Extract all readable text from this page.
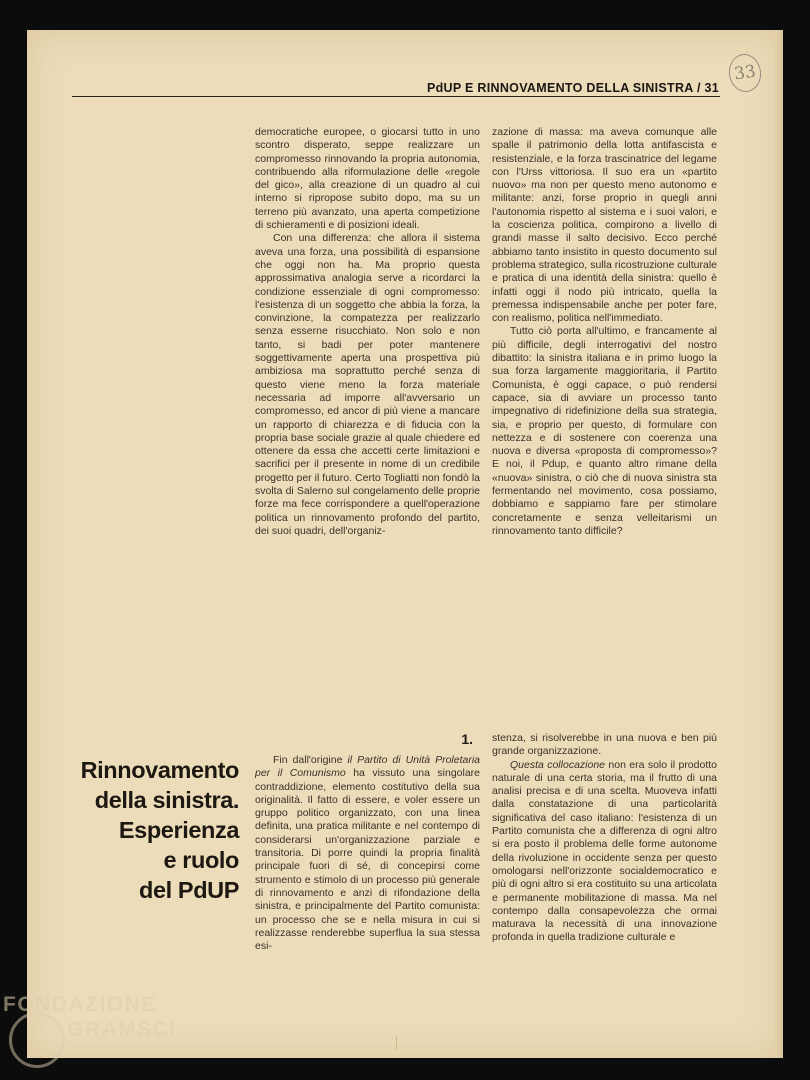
PdUP E RINNOVAMENTO DELLA SINISTRA / 31
33

democratiche europee, o giocarsi tutto in uno scontro disperato, seppe realizzare un compromesso rinnovando la propria autonomia, contribuendo alla riformulazione delle «regole del gico», alla creazione di un quadro al cui interno si ripropose subito dopo, ma su un terreno più avanzato, una aperta competizione di schieramenti e di posizioni ideali.

Con una differenza: che allora il sistema aveva una forza, una possibilità di espansione che oggi non ha. Ma proprio questa approssimativa analogia serve a ricordarci la condizione essenziale di ogni compromesso: l'esistenza di un soggetto che abbia la forza, la convinzione, la compatezza per realizzarlo senza esserne risucchiato. Non solo e non tanto, si badi per poter mantenere soggettivamente aperta una prospettiva più ambiziosa ma soprattutto perché senza di questo viene meno la forza materiale necessaria ad imporre all'avversario un compromesso, ed ancor di più viene a mancare un rapporto di chiarezza e di fiducia con la propria base sociale grazie al quale chiedere ed ottenere da essa che accetti certe limitazioni e sacrifici per il presente in nome di un credibile progetto per il futuro. Certo Togliatti non fondò la svolta di Salerno sul congelamento delle proprie forze ma fece corrispondere a quell'operazione politica un rinnovamento profondo del partito, dei suoi quadri, dell'organiz-

zazione di massa: ma aveva comunque alle spalle il patrimonio della lotta antifascista e resistenziale, e la forza trascinatrice del legame con l'Urss vittoriosa. Il suo era un «partito nuovo» ma non per questo meno autonomo e militante: anzi, forse proprio in quegli anni l'autonomia rispetto al sistema e i suoi valori, e la coscienza politica, compirono a livello di grandi masse il salto decisivo. Ecco perché abbiamo tanto insistito in questo documento sul problema strategico, sulla ricostruzione culturale e pratica di una identità della sinistra: quello è infatti oggi il nodo più intricato, quella la premessa indispensabile anche per poter fare, con realismo, politica nell'immediato.

Tutto ciò porta all'ultimo, e francamente al più difficile, degli interrogativi del nostro dibattito: la sinistra italiana e in primo luogo la sua forza largamente maggioritaria, il Partito Comunista, è oggi capace, o può rendersi capace, sia di avviare un processo tanto impegnativo di ridefinizione della sua strategia, sia, e proprio per questo, di formulare con nettezza e di sostenere con coerenza una nuova e diversa «proposta di compromesso»? E noi, il Pdup, e quanto altro rimane della «nuova» sinistra, o ciò che di nuova sinistra sta fermentando nel movimento, cosa possiamo, dobbiamo e sappiamo fare per stimolare concretamente e senza velleitarismi un rinnovamento tanto difficile?

1.
Rinnovamento
della sinistra.
Esperienza
e ruolo
del PdUP

Fin dall'origine il Partito di Unità Proletaria per il Comunismo ha vissuto una singolare contraddizione, elemento costitutivo della sua originalità. Il fatto di essere, e voler essere un gruppo politico organizzato, con una linea definita, una pratica militante e nel contempo di considerarsi un'organizzazione parziale e transitoria. Di porre quindi la propria finalità principale fuori di sé, di concepirsi come strumento e stimolo di un processo più generale di rinnovamento e anzi di rifondazione della sinistra, e principalmente del Partito comunista: un processo che se e nella misura in cui si realizzasse renderebbe superflua la sua stessa esi-

stenza, si risolverebbe in una nuova e ben più grande organizzazione.

Questa collocazione non era solo il prodotto naturale di una certa storia, ma il frutto di una analisi precisa e di una scelta. Muoveva infatti dalla constatazione di una particolarità significativa del caso italiano: l'esistenza di un Partito comunista che a differenza di ogni altro si era posto il problema delle forme autonome della rivoluzione in occidente senza per questo omologarsi nell'orizzonte socialdemocratico e più di ogni altro si era costituito su una articolata e permanente mobilitazione di massa. Ma nel contempo dalla consapevolezza che ormai maturava la necessità di una innovazione profonda in quella tradizione culturale e

FONDAZIONE
GRAMSCI
